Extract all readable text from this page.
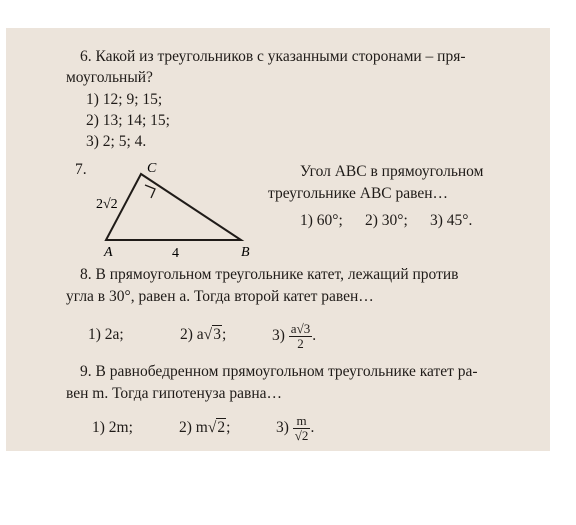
6. Какой из треугольников с указанными сторонами – пря-
моугольный?
1) 12; 9; 15;
2) 13; 14; 15;
3) 2; 5; 4.
7.	C
A	B
2√2
4
Угол ABC в прямоугольном
треугольнике ABC равен…
1) 60°; 2) 30°; 3) 45°.
8. В прямоугольном треугольнике катет, лежащий против
угла в 30°, равен a. Тогда второй катет равен…
1) 2a;	2) a√3;	$3) \frac{a√3}{2}$ .
9. В равнобедренном прямоугольном треугольнике катет ра-
вен m. Тогда гипотенуза равна…
1) 2m;	2) m√2;	$3) \frac{m}{√2}$ .
